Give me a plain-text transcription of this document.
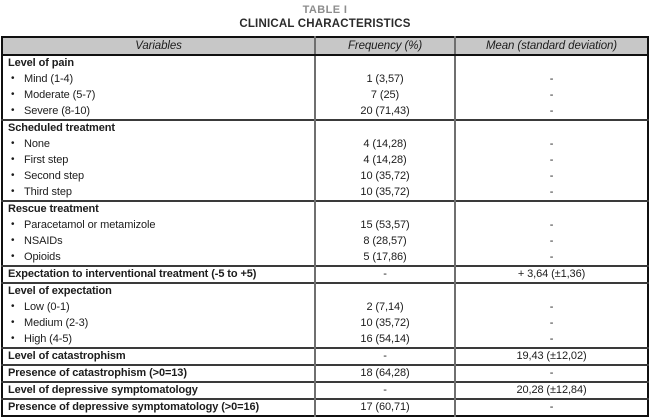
TABLE I
CLINICAL CHARACTERISTICS
Variables	Frequency (%)	Mean (standard deviation)
Level of pain		
• Mind (1-4)	1 (3,57)	-
• Moderate (5-7)	7 (25)	-
• Severe (8-10)	20 (71,43)	-
Scheduled treatment		
• None	4 (14,28)	-
• First step	4 (14,28)	-
• Second step	10 (35,72)	-
• Third step	10 (35,72)	-
Rescue treatment		
• Paracetamol or metamizole	15 (53,57)	-
• NSAIDs	8 (28,57)	-
• Opioids	5 (17,86)	-
Expectation to interventional treatment (-5 to +5)	-	+ 3,64 (±1,36)
Level of expectation		
• Low (0-1)	2 (7,14)	-
• Medium (2-3)	10 (35,72)	-
• High (4-5)	16 (54,14)	-
Level of catastrophism	-	19,43 (±12,02)
Presence of catastrophism (>0=13)	18 (64,28)	-
Level of depressive symptomatology	-	20,28 (±12,84)
Presence of depressive symptomatology (>0=16)	17 (60,71)	-
